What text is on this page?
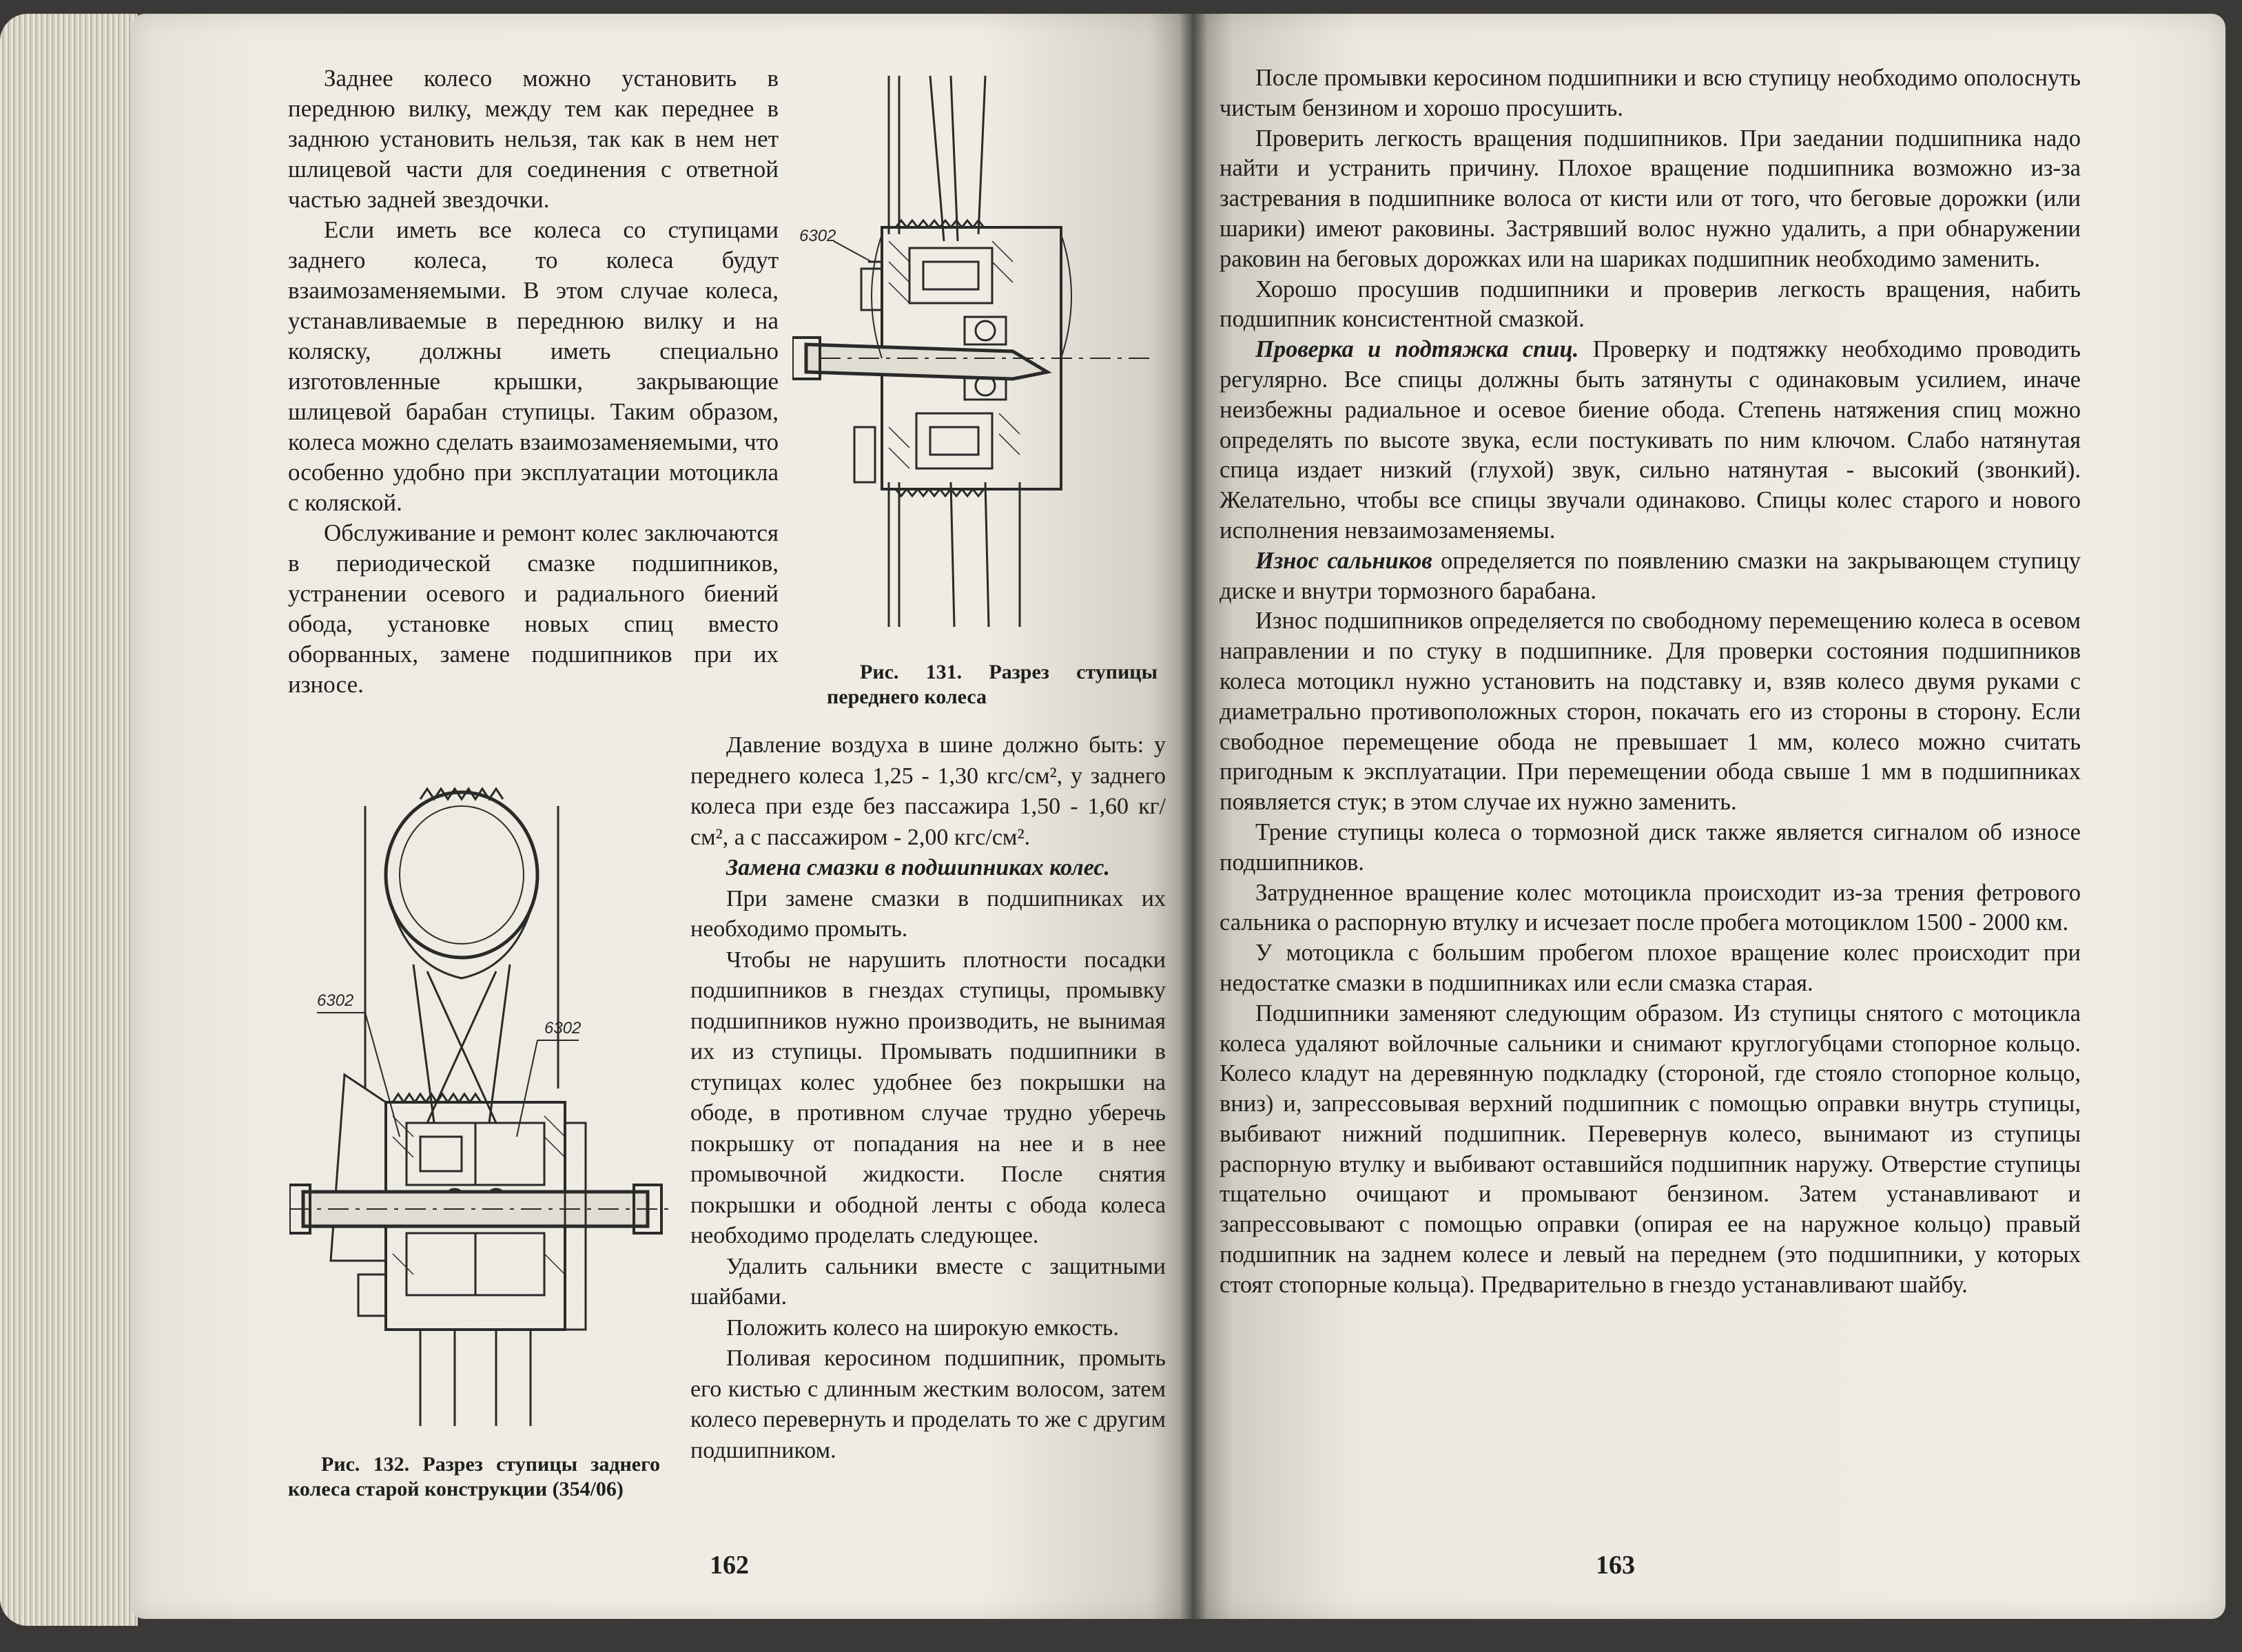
Заднее колесо можно установить в переднюю вилку, между тем как переднее в заднюю установить нельзя, так как в нем нет шлицевой части для соединения с ответной частью задней звездочки.

Если иметь все колеса со ступицами заднего колеса, то колеса будут взаимозаменяемыми. В этом случае колеса, устанавливаемые в переднюю вилку и на коляску, должны иметь специально изготовленные крышки, закрывающие шлицевой барабан ступицы. Таким образом, колеса можно сделать взаимозаменяемыми, что особенно удобно при эксплуатации мотоцикла с коляской.

Обслуживание и ремонт колес заключаются в периодической смазке подшипников, устранении осевого и радиального биений обода, установке новых спиц вместо оборванных, замене подшипников при их износе.

6302
Рис. 131. Разрез ступицы переднего колеса
6302
6302
Рис. 132. Разрез ступицы заднего колеса старой конструкции (354/06)

Давление воздуха в шине должно быть: у переднего колеса 1,25 - 1,30 кгс/см², у заднего колеса при езде без пассажира 1,50 - 1,60 кг/см², а с пассажиром - 2,00 кгс/см².

Замена смазки в подшипниках колес.

При замене смазки в подшипниках их необходимо промыть.

Чтобы не нарушить плотности посадки подшипников в гнездах ступицы, промывку подшипников нужно производить, не вынимая их из ступицы. Промывать подшипники в ступицах колес удобнее без покрышки на ободе, в противном случае трудно уберечь покрышку от попадания на нее и в нее промывочной жидкости. После снятия покрышки и ободной ленты с обода колеса необходимо проделать следующее.

Удалить сальники вместе с защитными шайбами.

Положить колесо на широкую емкость.

Поливая керосином подшипник, промыть его кистью с длинным жестким волосом, затем колесо перевернуть и проделать то же с другим подшипником.

162

После промывки керосином подшипники и всю ступицу необходимо ополоснуть чистым бензином и хорошо просушить.

Проверить легкость вращения подшипников. При заедании подшипника надо найти и устранить причину. Плохое вращение подшипника возможно из-за застревания в подшипнике волоса от кисти или от того, что беговые дорожки (или шарики) имеют раковины. Застрявший волос нужно удалить, а при обнаружении раковин на беговых дорожках или на шариках подшипник необходимо заменить.

Хорошо просушив подшипники и проверив легкость вращения, набить подшипник консистентной смазкой.

Проверка и подтяжка спиц. Проверку и подтяжку необходимо проводить регулярно. Все спицы должны быть затянуты с одинаковым усилием, иначе неизбежны радиальное и осевое биение обода. Степень натяжения спиц можно определять по высоте звука, если постукивать по ним ключом. Слабо натянутая спица издает низкий (глухой) звук, сильно натянутая - высокий (звонкий). Желательно, чтобы все спицы звучали одинаково. Спицы колес старого и нового исполнения невзаимозаменяемы.

Износ сальников определяется по появлению смазки на закрывающем ступицу диске и внутри тормозного барабана.

Износ подшипников определяется по свободному перемещению колеса в осевом направлении и по стуку в подшипнике. Для проверки состояния подшипников колеса мотоцикл нужно установить на подставку и, взяв колесо двумя руками с диаметрально противоположных сторон, покачать его из стороны в сторону. Если свободное перемещение обода не превышает 1 мм, колесо можно считать пригодным к эксплуатации. При перемещении обода свыше 1 мм в подшипниках появляется стук; в этом случае их нужно заменить.

Трение ступицы колеса о тормозной диск также является сигналом об износе подшипников.

Затрудненное вращение колес мотоцикла происходит из-за трения фетрового сальника о распорную втулку и исчезает после пробега мотоциклом 1500 - 2000 км.

У мотоцикла с большим пробегом плохое вращение колес происходит при недостатке смазки в подшипниках или если смазка старая.

Подшипники заменяют следующим образом. Из ступицы снятого с мотоцикла колеса удаляют войлочные сальники и снимают круглогубцами стопорное кольцо. Колесо кладут на деревянную подкладку (стороной, где стояло стопорное кольцо, вниз) и, запрессовывая верхний подшипник с помощью оправки внутрь ступицы, выбивают нижний подшипник. Перевернув колесо, вынимают из ступицы распорную втулку и выбивают оставшийся подшипник наружу. Отверстие ступицы тщательно очищают и промывают бензином. Затем устанавливают и запрессовывают с помощью оправки (опирая ее на наружное кольцо) правый подшипник на заднем колесе и левый на переднем (это подшипники, у которых стоят стопорные кольца). Предварительно в гнездо устанавливают шайбу.

163
